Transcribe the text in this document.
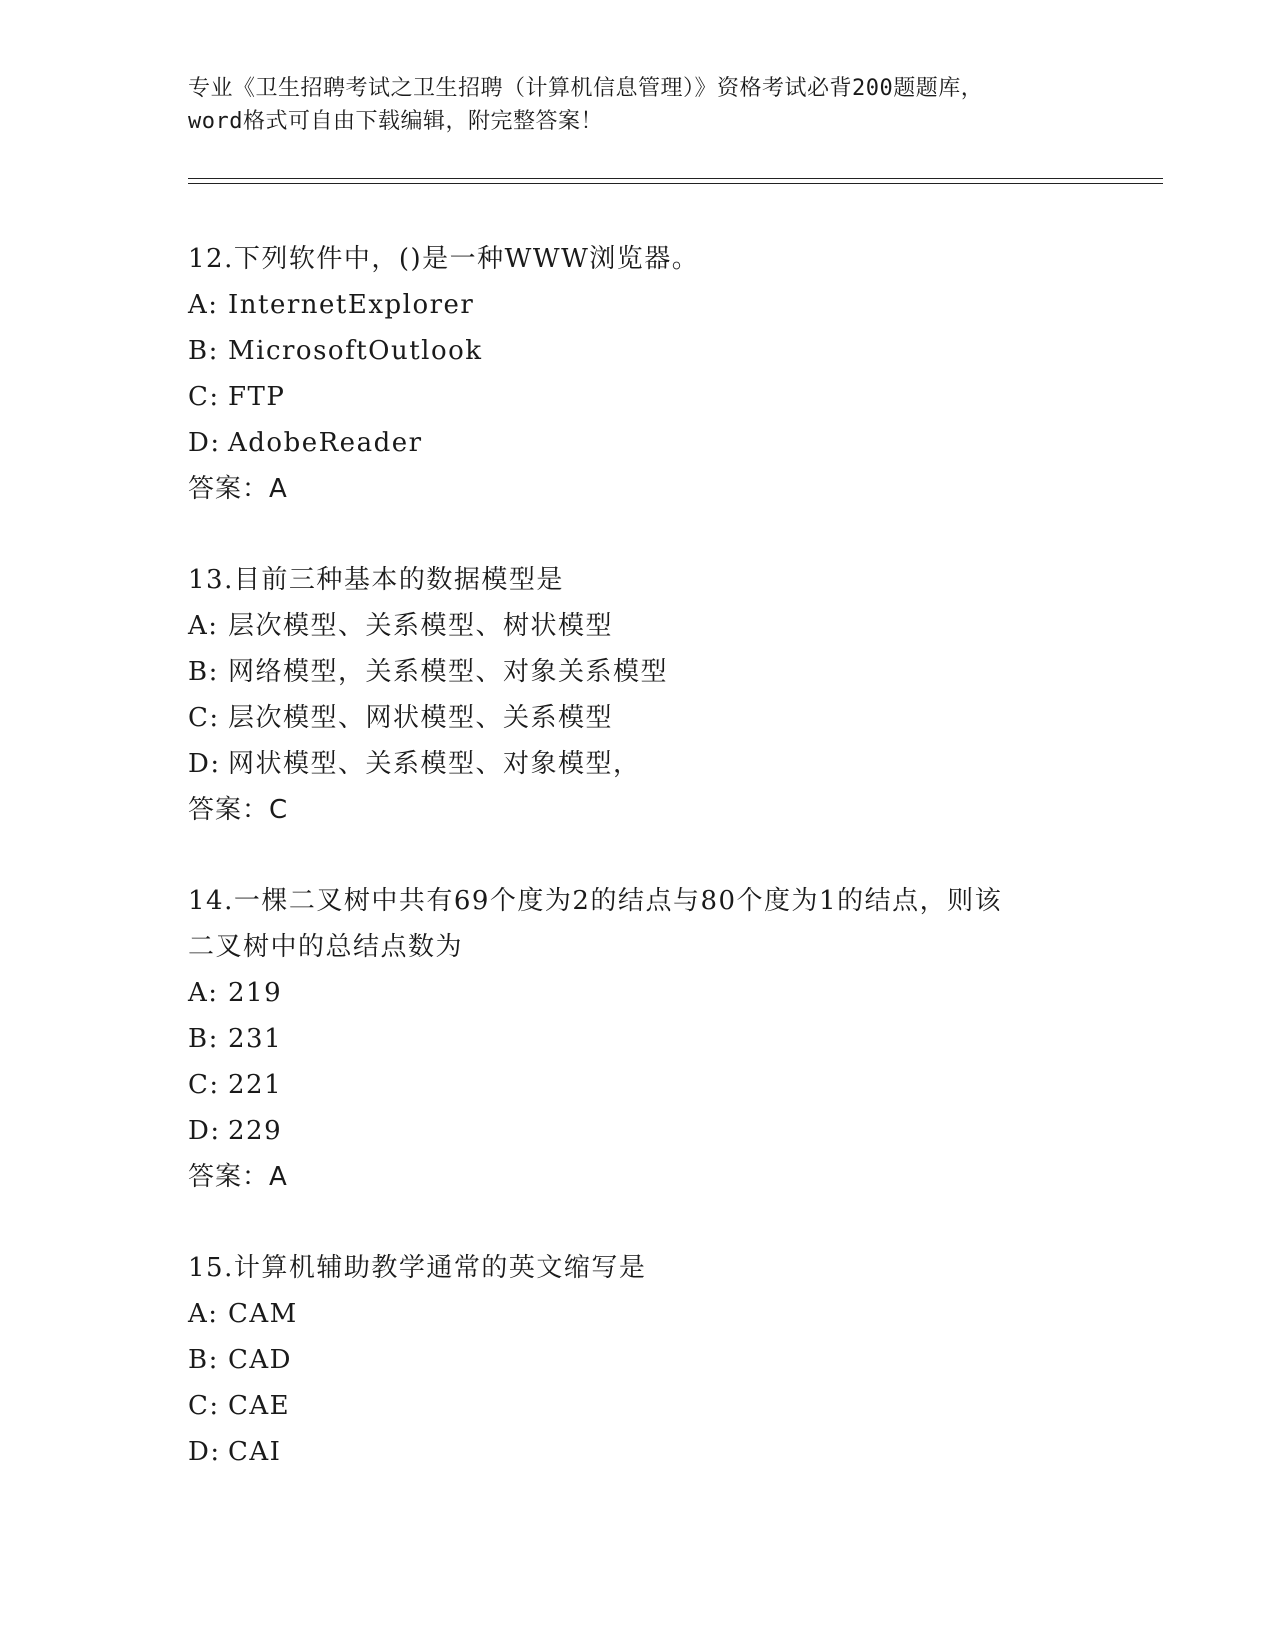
专业《卫生招聘考试之卫生招聘（计算机信息管理）》资格考试必背200题题库，
word格式可自由下载编辑，附完整答案！
12.下列软件中，()是一种WWW浏览器。
A: InternetExplorer
B: MicrosoftOutlook
C: FTP
D: AdobeReader
答案：A
13.目前三种基本的数据模型是
A: 层次模型、关系模型、树状模型
B: 网络模型，关系模型、对象关系模型
C: 层次模型、网状模型、关系模型
D: 网状模型、关系模型、对象模型，
答案：C
14.一棵二叉树中共有69个度为2的结点与80个度为1的结点，则该
二叉树中的总结点数为
A: 219
B: 231
C: 221
D: 229
答案：A
15.计算机辅助教学通常的英文缩写是
A: CAM
B: CAD
C: CAE
D: CAI
